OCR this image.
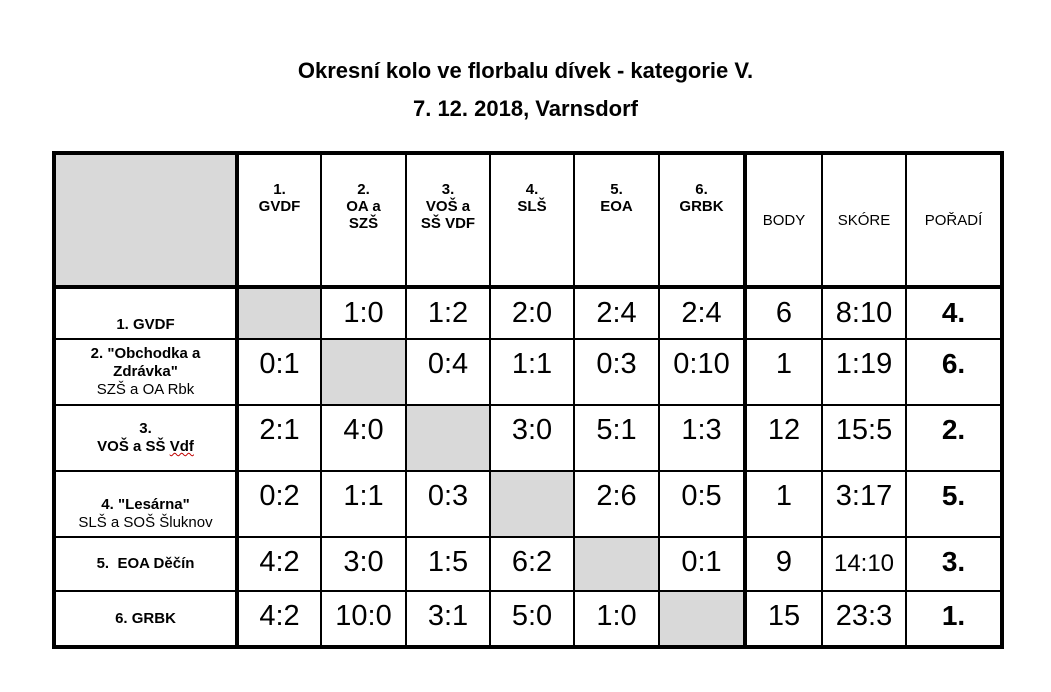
Okresní kolo ve florbalu dívek - kategorie V.
7. 12. 2018, Varnsdorf

	1.
GVDF	2.
OA a
SZŠ	3.
VOŠ a
SŠ VDF	4.
SLŠ	5.
EOA	6.
GRBK	BODY	SKÓRE	POŘADÍ

1. GVDF		1:0	1:2	2:0	2:4	2:4	6	8:10	4.

2. "Obchodka a
Zdrávka"
SZŠ a OA Rbk	0:1		0:4	1:1	0:3	0:10	1	1:19	6.

3.
VOŠ a SŠ Vdf	2:1	4:0		3:0	5:1	1:3	12	15:5	2.

4. "Lesárna"
SLŠ a SOŠ Šluknov	0:2	1:1	0:3		2:6	0:5	1	3:17	5.

5.  EOA Děčín	4:2	3:0	1:5	6:2		0:1	9	14:10	3.

6. GRBK	4:2	10:0	3:1	5:0	1:0		15	23:3	1.
